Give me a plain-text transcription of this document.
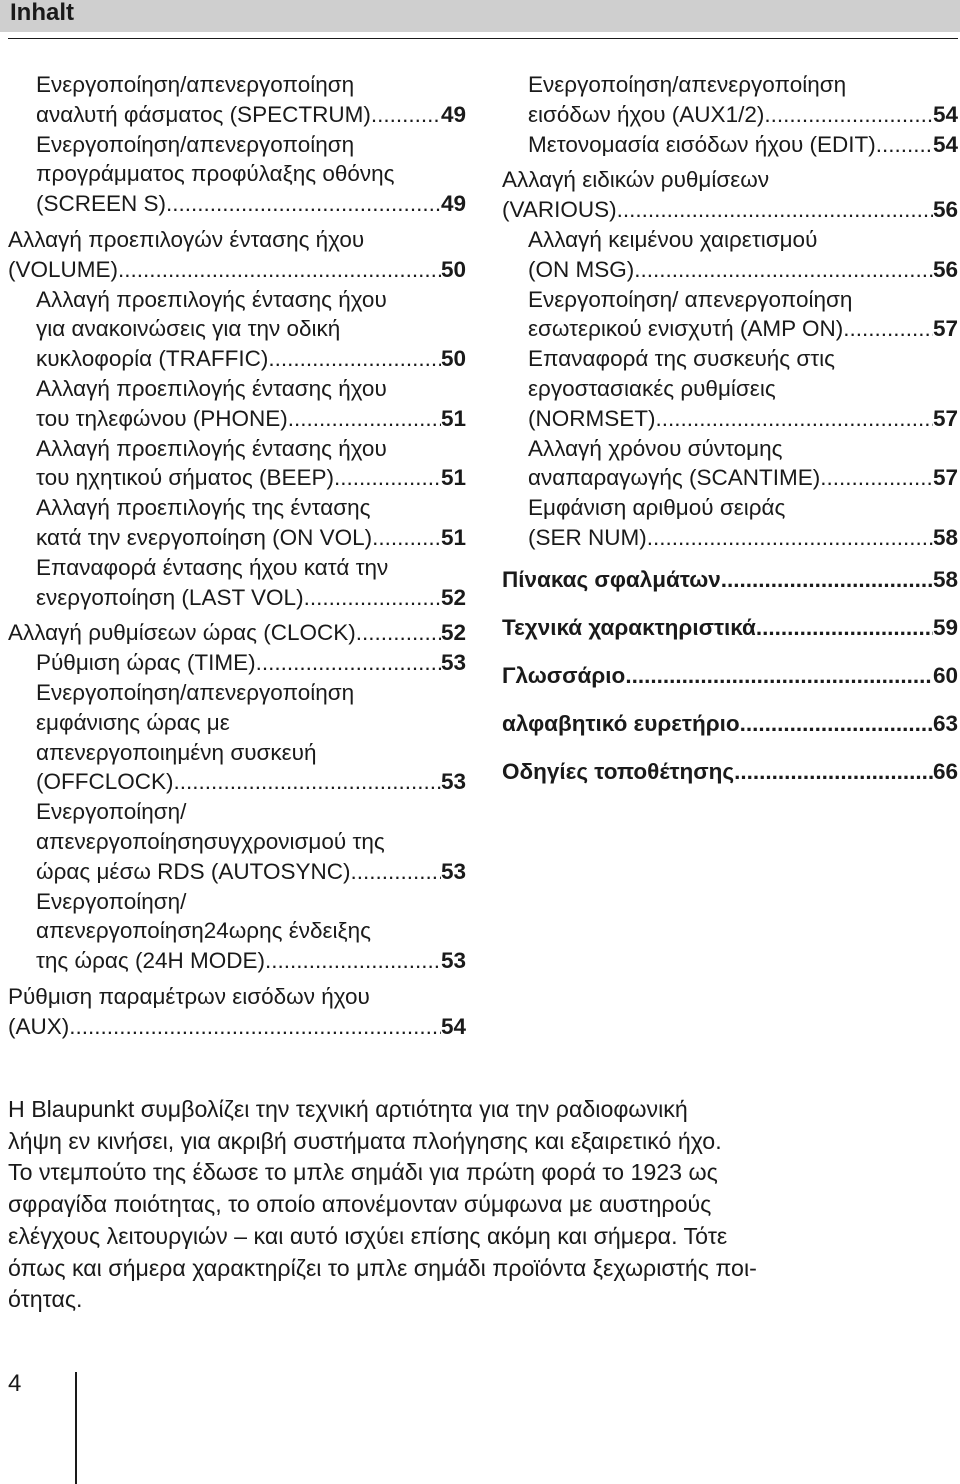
Inhalt
Ενεργοποίηση/απενεργοποίηση
αναλυτή φάσματος (SPECTRUM) .....	49
Ενεργοποίηση/απενεργοποίηση
προγράμματος προφύλαξης οθόνης
(SCREEN S) .....	49
Αλλαγή προεπιλογών έντασης ήχου
(VOLUME) .....	50
Αλλαγή προεπιλογής έντασης ήχου
για ανακοινώσεις για την οδική
κυκλοφορία (TRAFFIC) .....	50
Αλλαγή προεπιλογής έντασης ήχου
του τηλεφώνου (PHONE) .....	51
Αλλαγή προεπιλογής έντασης ήχου
του ηχητικού σήματος (BEEP) .....	51
Αλλαγή προεπιλογής της έντασης
κατά την ενεργοποίηση (ON VOL) .....	51
Επαναφορά έντασης ήχου κατά την
ενεργοποίηση (LAST VOL) .....	52
Αλλαγή ρυθμίσεων ώρας (CLOCK) .....	52
Ρύθμιση ώρας (TIME) .....	53
Ενεργοποίηση/απενεργοποίηση
εμφάνισης ώρας με
απενεργοποιημένη συσκευή
(OFFCLOCK) .....	53
Ενεργοποίηση/
απενεργοποίησησυγχρονισμού της
ώρας μέσω RDS (AUTOSYNC) .....	53
Ενεργοποίηση/
απενεργοποίηση24ωρης ένδειξης
της ώρας (24H MODE) .....	53
Ρύθμιση παραμέτρων εισόδων ήχου
(AUX) .....	54
Ενεργοποίηση/απενεργοποίηση
εισόδων ήχου (AUX1/2) .....	54
Μετονομασία εισόδων ήχου (EDIT) .....	54
Αλλαγή ειδικών ρυθμίσεων
(VARIOUS) .....	56
Αλλαγή κειμένου χαιρετισμού
(ON MSG) .....	56
Ενεργοποίηση/ απενεργοποίηση
εσωτερικού ενισχυτή (AMP ON) .....	57
Επαναφορά της συσκευής στις
εργοστασιακές ρυθμίσεις
(NORMSET) .....	57
Αλλαγή χρόνου σύντομης
αναπαραγωγής (SCANTIME) .....	57
Εμφάνιση αριθμού σειράς
(SER NUM) .....	58
Πίνακας σφαλμάτων .....	58
Τεχνικά χαρακτηριστικά .....	59
Γλωσσάριο .....	60
αλφαβητικό ευρετήριο .....	63
Οδηγίες τοποθέτησης .....	66
Η Blaupunkt συμβολίζει την τεχνική αρτιότητα για την ραδιοφωνική
λήψη εν κινήσει, για ακριβή συστήματα πλοήγησης και εξαιρετικό ήχο.
Το ντεμπούτο της έδωσε το μπλε σημάδι για πρώτη φορά το 1923 ως
σφραγίδα ποιότητας, το οποίο απονέμονταν σύμφωνα με αυστηρούς
ελέγχους λειτουργιών – και αυτό ισχύει επίσης ακόμη και σήμερα. Τότε
όπως και σήμερα χαρακτηρίζει το μπλε σημάδι προϊόντα ξεχωριστής ποι-
ότητας.
4
